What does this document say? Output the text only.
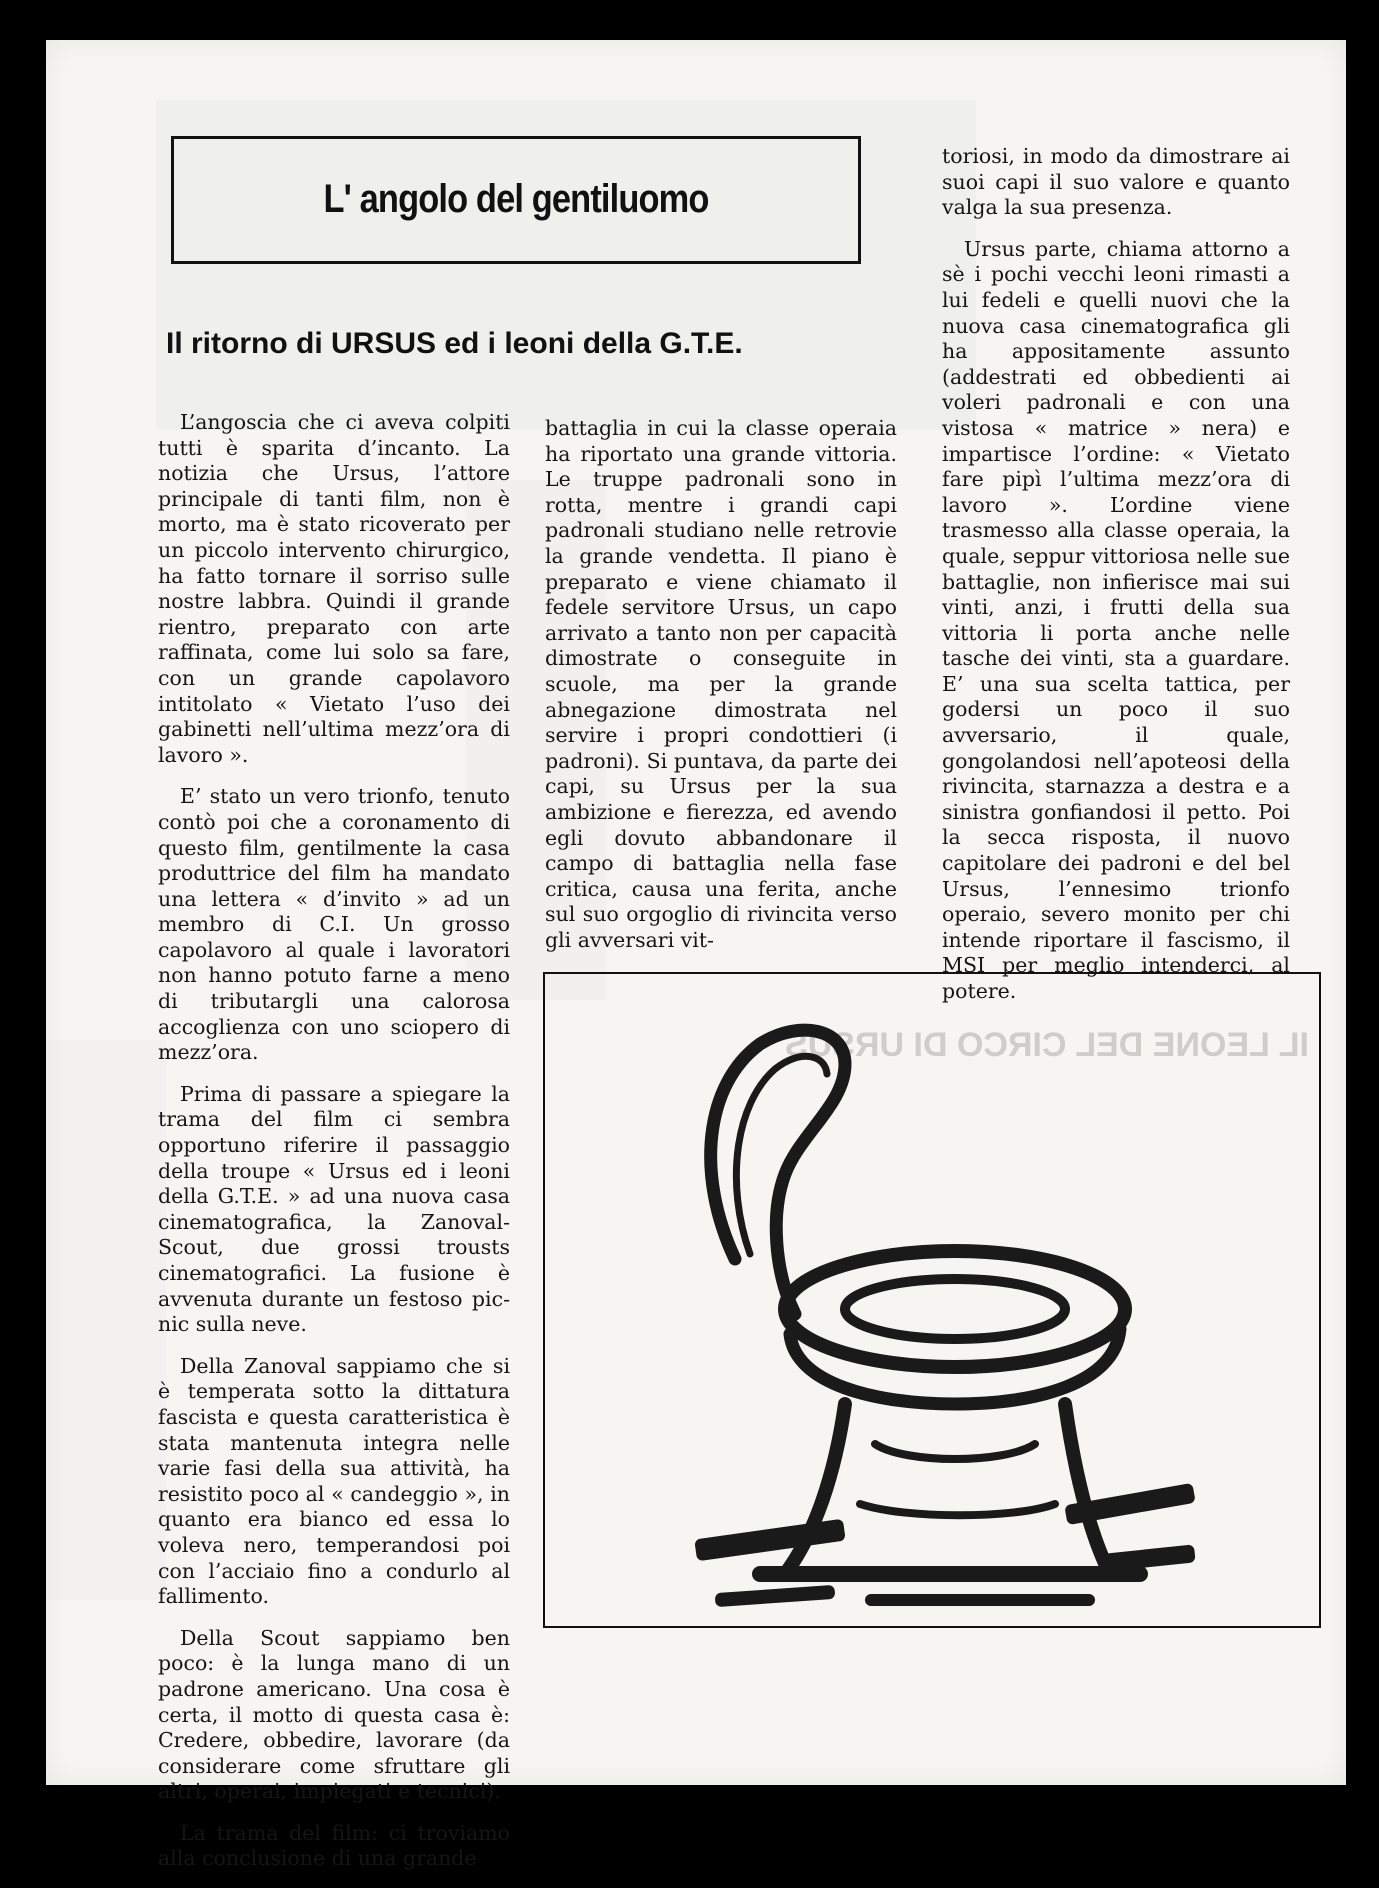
L' angolo del gentiluomo
Il ritorno di URSUS ed i leoni della G.T.E.

L’angoscia che ci aveva colpiti tutti è sparita d’incanto. La notizia che Ursus, l’attore principale di tanti film, non è morto, ma è stato ricoverato per un piccolo intervento chirurgico, ha fatto tornare il sorriso sulle nostre labbra. Quindi il grande rientro, preparato con arte raffinata, come lui solo sa fare, con un grande capolavoro intitolato « Vietato l’uso dei gabinetti nell’ultima mezz’ora di lavoro ».

E’ stato un vero trionfo, tenuto contò poi che a coronamento di questo film, gentilmente la casa produttrice del film ha mandato una lettera « d’invito » ad un membro di C.I. Un grosso capolavoro al quale i lavoratori non hanno potuto farne a meno di tributargli una calorosa accoglienza con uno sciopero di mezz’ora.

Prima di passare a spiegare la trama del film ci sembra opportuno riferire il passaggio della troupe « Ursus ed i leoni della G.T.E. » ad una nuova casa cinematografica, la Zanoval-Scout, due grossi trousts cinematografici. La fusione è avvenuta durante un festoso pic-nic sulla neve.

Della Zanoval sappiamo che si è temperata sotto la dittatura fascista e questa caratteristica è stata mantenuta integra nelle varie fasi della sua attività, ha resistito poco al « candeggio », in quanto era bianco ed essa lo voleva nero, temperandosi poi con l’acciaio fino a condurlo al fallimento.

Della Scout sappiamo ben poco: è la lunga mano di un padrone americano. Una cosa è certa, il motto di questa casa è: Credere, obbedire, lavorare (da considerare come sfruttare gli altri, operai, impiegati e tecnici).

La trama del film: ci troviamo alla conclusione di una grande

battaglia in cui la classe operaia ha riportato una grande vittoria. Le truppe padronali sono in rotta, mentre i grandi capi padronali studiano nelle retrovie la grande vendetta. Il piano è preparato e viene chiamato il fedele servitore Ursus, un capo arrivato a tanto non per capacità dimostrate o conseguite in scuole, ma per la grande abnegazione dimostrata nel servire i propri condottieri (i padroni). Si puntava, da parte dei capi, su Ursus per la sua ambizione e fierezza, ed avendo egli dovuto abbandonare il campo di battaglia nella fase critica, causa una ferita, anche sul suo orgoglio di rivincita verso gli avversari vit-

toriosi, in modo da dimostrare ai suoi capi il suo valore e quanto valga la sua presenza.

Ursus parte, chiama attorno a sè i pochi vecchi leoni rimasti a lui fedeli e quelli nuovi che la nuova casa cinematografica gli ha appositamente assunto (addestrati ed obbedienti ai voleri padronali e con una vistosa « matrice » nera) e impartisce l’ordine: « Vietato fare pipì l’ultima mezz’ora di lavoro ». L’ordine viene trasmesso alla classe operaia, la quale, seppur vittoriosa nelle sue battaglie, non infierisce mai sui vinti, anzi, i frutti della sua vittoria li porta anche nelle tasche dei vinti, sta a guardare. E’ una sua scelta tattica, per godersi un poco il suo avversario, il quale, gongolandosi nell’apoteosi della rivincita, starnazza a destra e a sinistra gonfiandosi il petto. Poi la secca risposta, il nuovo capitolare dei padroni e del bel Ursus, l’ennesimo trionfo operaio, severo monito per chi intende riportare il fascismo, il MSI per meglio intenderci, al potere.

IL LEONE DEL CIRCO DI URSUS
